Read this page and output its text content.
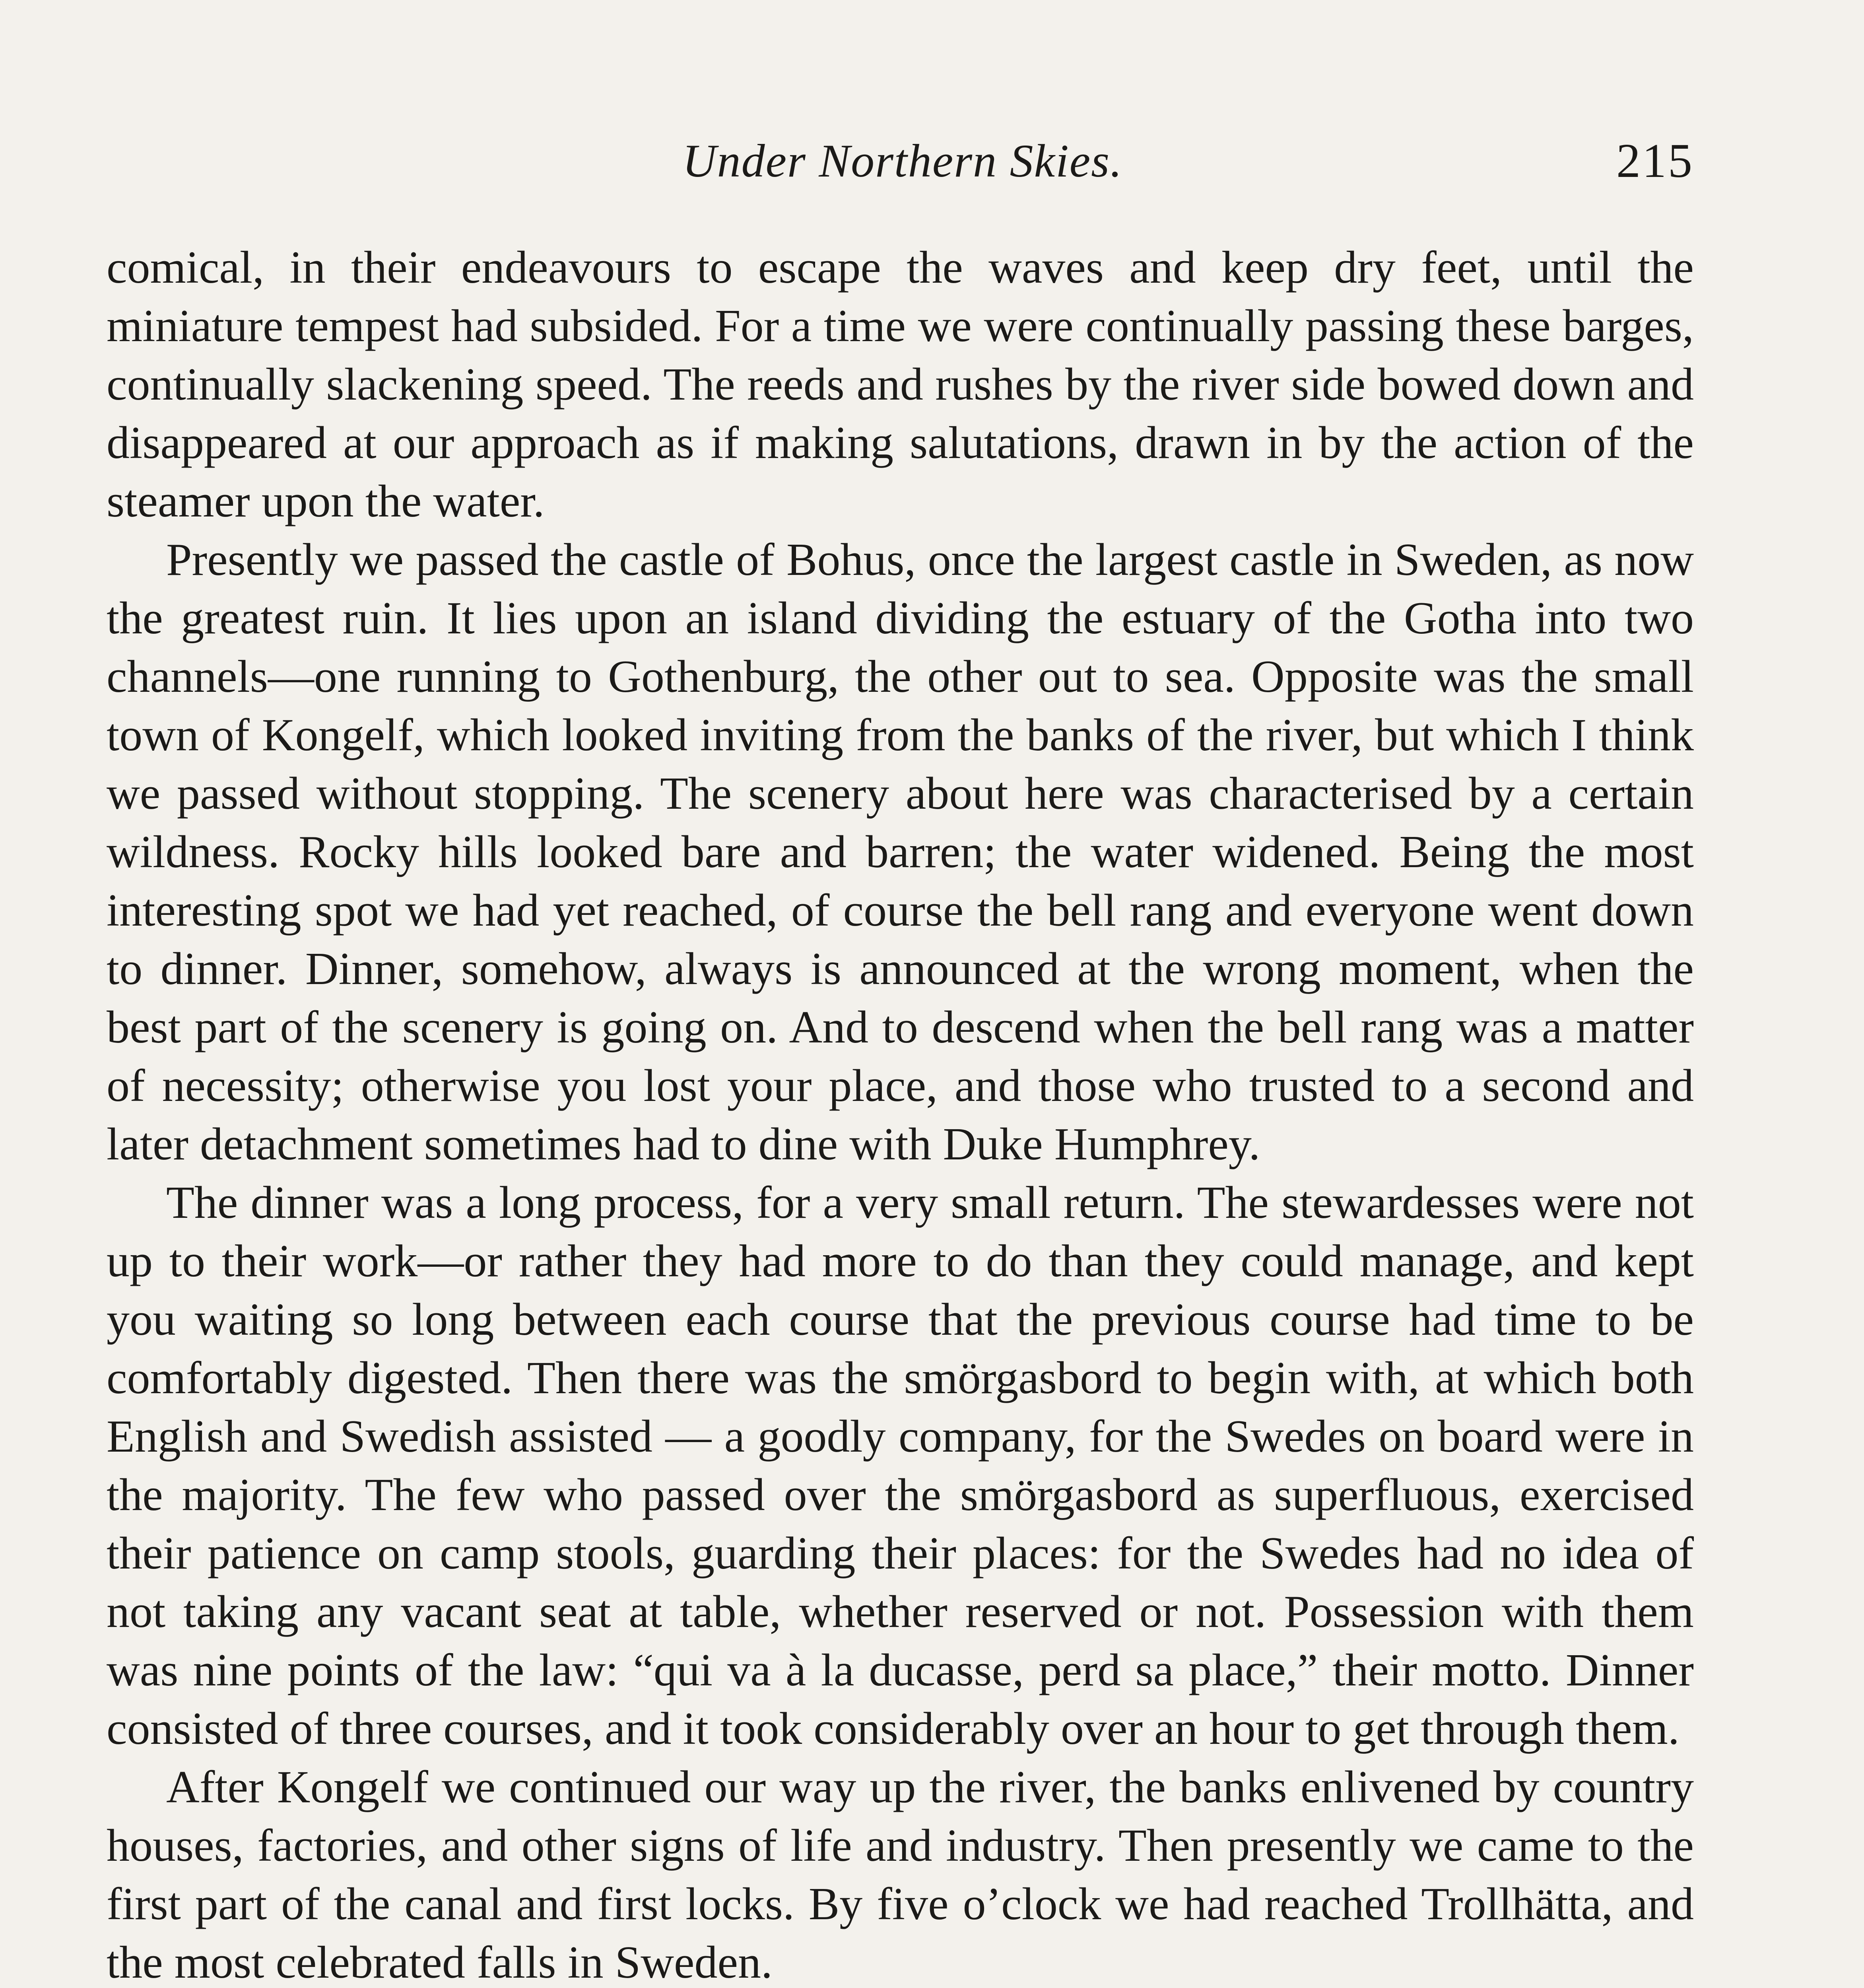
Under Northern Skies.	215

comical, in their endeavours to escape the waves and keep dry feet, until the miniature tempest had subsided. For a time we were continually passing these barges, continually slackening speed. The reeds and rushes by the river side bowed down and disappeared at our approach as if making salutations, drawn in by the action of the steamer upon the water.

Presently we passed the castle of Bohus, once the largest castle in Sweden, as now the greatest ruin. It lies upon an island dividing the estuary of the Gotha into two channels—one running to Gothenburg, the other out to sea. Opposite was the small town of Kongelf, which looked inviting from the banks of the river, but which I think we passed without stopping. The scenery about here was characterised by a certain wildness. Rocky hills looked bare and barren; the water widened. Being the most interesting spot we had yet reached, of course the bell rang and everyone went down to dinner. Dinner, somehow, always is announced at the wrong moment, when the best part of the scenery is going on. And to descend when the bell rang was a matter of necessity; otherwise you lost your place, and those who trusted to a second and later detachment sometimes had to dine with Duke Humphrey.

The dinner was a long process, for a very small return. The stewardesses were not up to their work—or rather they had more to do than they could manage, and kept you waiting so long between each course that the previous course had time to be comfortably digested. Then there was the smörgasbord to begin with, at which both English and Swedish assisted — a goodly company, for the Swedes on board were in the majority. The few who passed over the smörgasbord as superfluous, exercised their patience on camp stools, guarding their places: for the Swedes had no idea of not taking any vacant seat at table, whether reserved or not. Possession with them was nine points of the law: “qui va à la ducasse, perd sa place,” their motto. Dinner consisted of three courses, and it took considerably over an hour to get through them.

After Kongelf we continued our way up the river, the banks enlivened by country houses, factories, and other signs of life and industry. Then presently we came to the first part of the canal and first locks. By five o’clock we had reached Trollhätta, and the most celebrated falls in Sweden.
